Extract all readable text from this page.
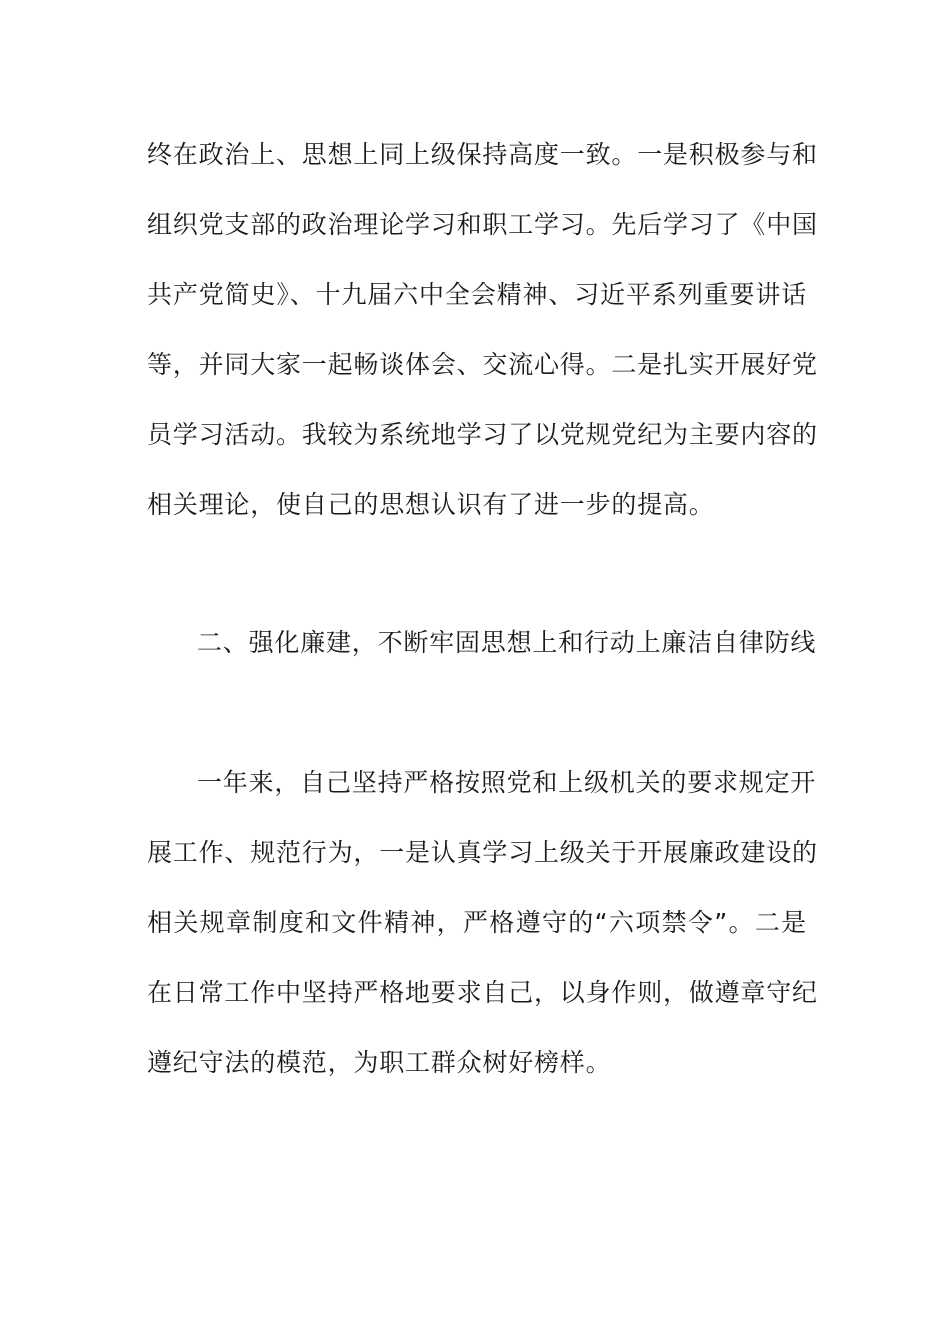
终在政治上、思想上同上级保持高度一致。一是积极参与和
组织党支部的政治理论学习和职工学习。先后学习了《中国
共产党简史》、十九届六中全会精神、习近平系列重要讲话
等，并同大家一起畅谈体会、交流心得。二是扎实开展好党
员学习活动。我较为系统地学习了以党规党纪为主要内容的
相关理论，使自己的思想认识有了进一步的提高。
二、强化廉建，不断牢固思想上和行动上廉洁自律防线
一年来，自己坚持严格按照党和上级机关的要求规定开
展工作、规范行为，一是认真学习上级关于开展廉政建设的
相关规章制度和文件精神，严格遵守的“六项禁令”。二是
在日常工作中坚持严格地要求自己，以身作则，做遵章守纪
遵纪守法的模范，为职工群众树好榜样。
